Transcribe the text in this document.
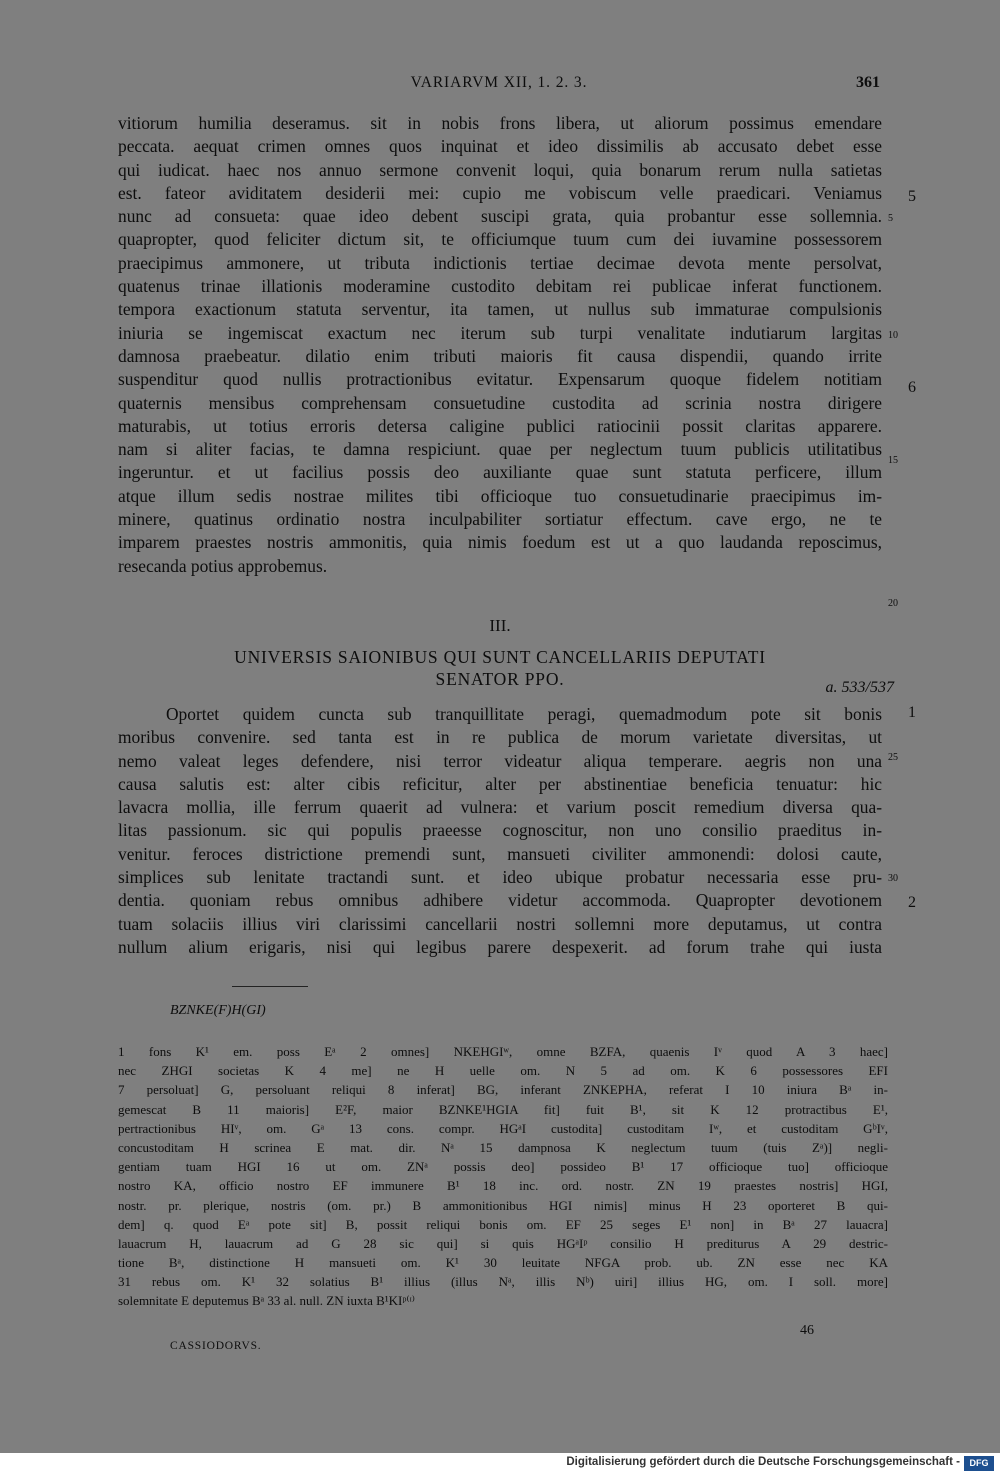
VARIARVM XII, 1. 2. 3.	361
vitiorum humilia deseramus. sit in nobis frons libera, ut aliorum possimus emendare
peccata. aequat crimen omnes quos inquinat et ideo dissimilis ab accusato debet esse
qui iudicat. haec nos annuo sermone convenit loqui, quia bonarum rerum nulla satietas
est. fateor aviditatem desiderii mei: cupio me vobiscum velle praedicari. Veniamus
nunc ad consueta: quae ideo debent suscipi grata, quia probantur esse sollemnia.
quapropter, quod feliciter dictum sit, te officiumque tuum cum dei iuvamine possessorem
praecipimus ammonere, ut tributa indictionis tertiae decimae devota mente persolvat,
quatenus trinae illationis moderamine custodito debitam rei publicae inferat functionem.
tempora exactionum statuta serventur, ita tamen, ut nullus sub immaturae compulsionis
iniuria se ingemiscat exactum nec iterum sub turpi venalitate indutiarum largitas
damnosa praebeatur. dilatio enim tributi maioris fit causa dispendii, quando irrite
suspenditur quod nullis protractionibus evitatur. Expensarum quoque fidelem notitiam
quaternis mensibus comprehensam consuetudine custodita ad scrinia nostra dirigere
maturabis, ut totius erroris detersa caligine publici ratiocinii possit claritas apparere.
nam si aliter facias, te damna respiciunt. quae per neglectum tuum publicis utilitatibus
ingeruntur. et ut facilius possis deo auxiliante quae sunt statuta perficere, illum
atque illum sedis nostrae milites tibi officioque tuo consuetudinarie praecipimus im-
minere, quatinus ordinatio nostra inculpabiliter sortiatur effectum. cave ergo, ne te
imparem praestes nostris ammonitis, quia nimis foedum est ut a quo laudanda reposcimus,
resecanda potius approbemus.
5
10
15
20
5
6
III.
UNIVERSIS SAIONIBUS QUI SUNT CANCELLARIIS DEPUTATI
SENATOR PPO.	a. 533/537
Oportet quidem cuncta sub tranquillitate peragi, quemadmodum pote sit bonis
moribus convenire. sed tanta est in re publica de morum varietate diversitas, ut
nemo valeat leges defendere, nisi terror videatur aliqua temperare. aegris non una
causa salutis est: alter cibis reficitur, alter per abstinentiae beneficia tenuatur: hic
lavacra mollia, ille ferrum quaerit ad vulnera: et varium poscit remedium diversa qua-
litas passionum. sic qui populis praeesse cognoscitur, non uno consilio praeditus in-
venitur. feroces districtione premendi sunt, mansueti civiliter ammonendi: dolosi caute,
simplices sub lenitate tractandi sunt. et ideo ubique probatur necessaria esse pru-
dentia. quoniam rebus omnibus adhibere videtur accommoda. Quapropter devotionem
tuam solaciis illius viri clarissimi cancellarii nostri sollemni more deputamus, ut contra
nullum alium erigaris, nisi qui legibus parere despexerit. ad forum trahe qui iusta
25
30
1
2
BZNKE(F)H(GI)
1 fons K¹ em. poss Eᵃ 2 omnes] NKEHGIʷ, omne BZFA, quaenis Iᵛ quod A 3 haec]
nec ZHGI societas K 4 me] ne H uelle om. N 5 ad om. K 6 possessores EFI
7 persoluat] G, persoluant reliqui 8 inferat] BG, inferant ZNKEPHA, referat I 10 iniura Bᵃ in-
gemescat B 11 maioris] E²F, maior BZNKE¹HGIA fit] fuit B¹, sit K 12 protractibus E¹,
pertractionibus HIᵛ, om. Gᵃ 13 cons. compr. HGᵃI custodita] custoditam Iʷ, et custoditam GᵇIᵛ,
concustoditam H scrinea E mat. dir. Nᵃ 15 dampnosa K neglectum tuum (tuis Zᵃ)] negli-
gentiam tuam HGI 16 ut om. ZNᵃ possis deo] possideo B¹ 17 officioque tuo] officioque
nostro KA, officio nostro EF immunere B¹ 18 inc. ord. nostr. ZN 19 praestes nostris] HGI,
nostr. pr. plerique, nostris (om. pr.) B ammonitionibus HGI nimis] minus H 23 oporteret B qui-
dem] q. quod Eᵃ pote sit] B, possit reliqui bonis om. EF 25 seges E¹ non] in Bᵃ 27 lauacra]
lauacrum H, lauacrum ad G 28 sic qui] si quis HGᵃIᵖ consilio H prediturus A 29 destric-
tione Bᵃ, distinctione H mansueti om. K¹ 30 leuitate NFGA prob. ub. ZN esse nec KA
31 rebus om. K¹ 32 solatius B¹ illius (illus Nᵃ, illis Nᵇ) uiri] illius HG, om. I soll. more]
solemnitate E deputemus Bᵃ 33 al. null. ZN iuxta B¹KIᵖ⁽ᶦ⁾
CASSIODORVS.
46
Digitalisierung gefördert durch die Deutsche Forschungsgemeinschaft -	DFG
